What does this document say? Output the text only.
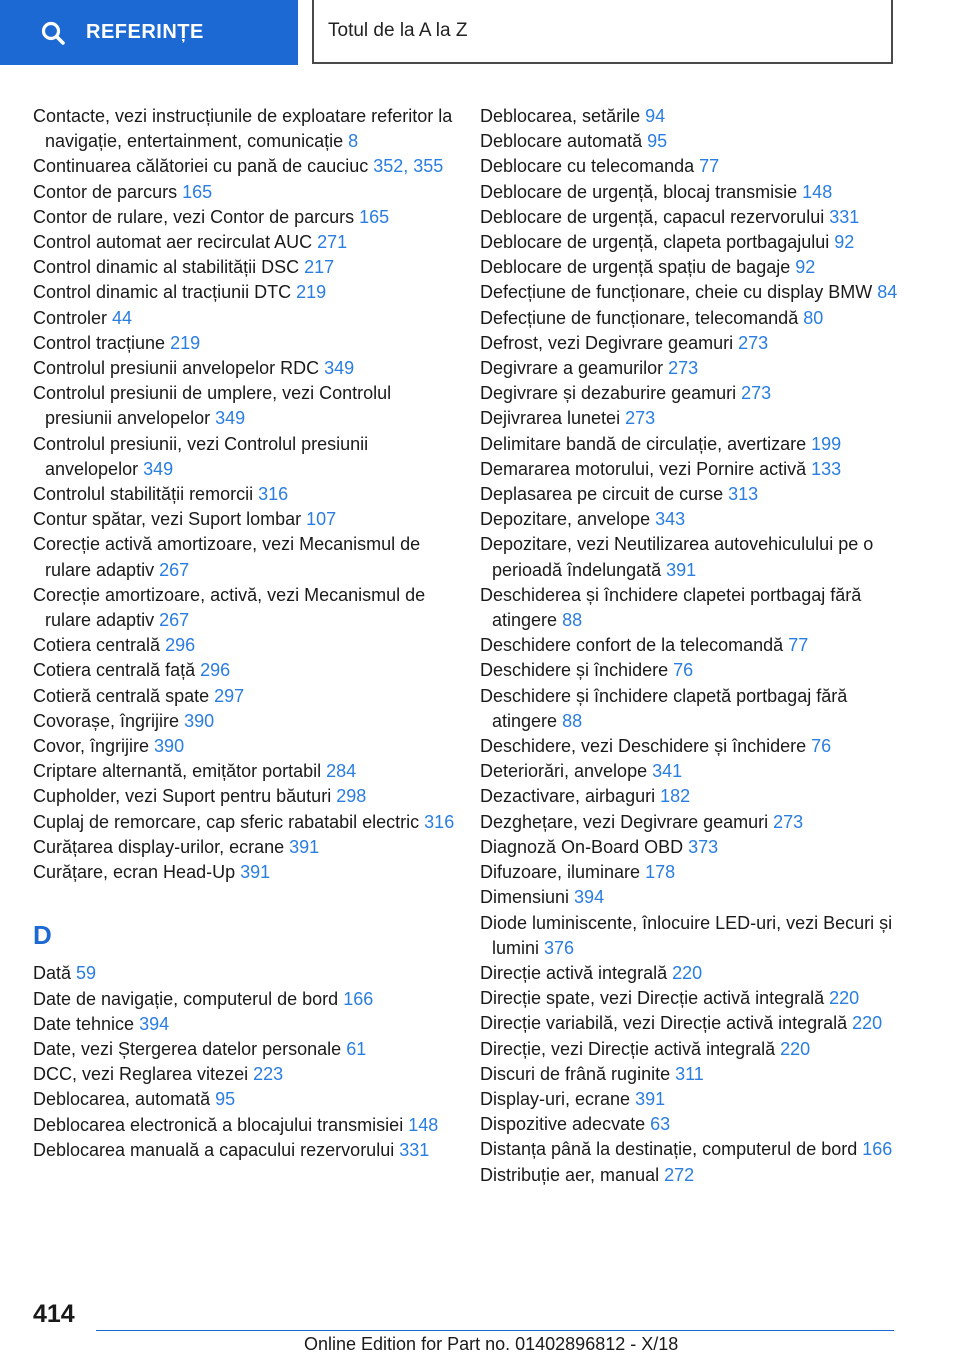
REFERINȚE	Totul de la A la Z
Contacte, vezi instrucțiunile de exploatare referitor la navigație, entertainment, comunicație 8
Continuarea călătoriei cu pană de cauciuc 352, 355
Contor de parcurs 165
Contor de rulare, vezi Contor de parcurs 165
Control automat aer recirculat AUC 271
Control dinamic al stabilității DSC 217
Control dinamic al tracțiunii DTC 219
Controler 44
Control tracțiune 219
Controlul presiunii anvelopelor RDC 349
Controlul presiunii de umplere, vezi Controlul presiunii anvelopelor 349
Controlul presiunii, vezi Controlul presiunii anvelopelor 349
Controlul stabilității remorcii 316
Contur spătar, vezi Suport lombar 107
Corecție activă amortizoare, vezi Mecanismul de rulare adaptiv 267
Corecție amortizoare, activă, vezi Mecanismul de rulare adaptiv 267
Cotiera centrală 296
Cotiera centrală față 296
Cotieră centrală spate 297
Covorașe, îngrijire 390
Covor, îngrijire 390
Criptare alternantă, emițător portabil 284
Cupholder, vezi Suport pentru băuturi 298
Cuplaj de remorcare, cap sferic rabatabil electric 316
Curățarea display-urilor, ecrane 391
Curățare, ecran Head-Up 391
D
Dată 59
Date de navigație, computerul de bord 166
Date tehnice 394
Date, vezi Ștergerea datelor personale 61
DCC, vezi Reglarea vitezei 223
Deblocarea, automată 95
Deblocarea electronică a blocajului transmisiei 148
Deblocarea manuală a capacului rezervorului 331
Deblocarea, setările 94
Deblocare automată 95
Deblocare cu telecomanda 77
Deblocare de urgență, blocaj transmisie 148
Deblocare de urgență, capacul rezervorului 331
Deblocare de urgență, clapeta portbagajului 92
Deblocare de urgență spațiu de bagaje 92
Defecțiune de funcționare, cheie cu display BMW 84
Defecțiune de funcționare, telecomandă 80
Defrost, vezi Degivrare geamuri 273
Degivrare a geamurilor 273
Degivrare și dezaburire geamuri 273
Dejivrarea lunetei 273
Delimitare bandă de circulație, avertizare 199
Demararea motorului, vezi Pornire activă 133
Deplasarea pe circuit de curse 313
Depozitare, anvelope 343
Depozitare, vezi Neutilizarea autovehiculului pe o perioadă îndelungată 391
Deschiderea și închidere clapetei portbagaj fără atingere 88
Deschidere confort de la telecomandă 77
Deschidere și închidere 76
Deschidere și închidere clapetă portbagaj fără atingere 88
Deschidere, vezi Deschidere și închidere 76
Deteriorări, anvelope 341
Dezactivare, airbaguri 182
Dezghețare, vezi Degivrare geamuri 273
Diagnoză On-Board OBD 373
Difuzoare, iluminare 178
Dimensiuni 394
Diode luminiscente, înlocuire LED-uri, vezi Becuri și lumini 376
Direcție activă integrală 220
Direcție spate, vezi Direcție activă integrală 220
Direcție variabilă, vezi Direcție activă integrală 220
Direcție, vezi Direcție activă integrală 220
Discuri de frână ruginite 311
Display-uri, ecrane 391
Dispozitive adecvate 63
Distanța până la destinație, computerul de bord 166
Distribuție aer, manual 272
414
Online Edition for Part no. 01402896812 - X/18
